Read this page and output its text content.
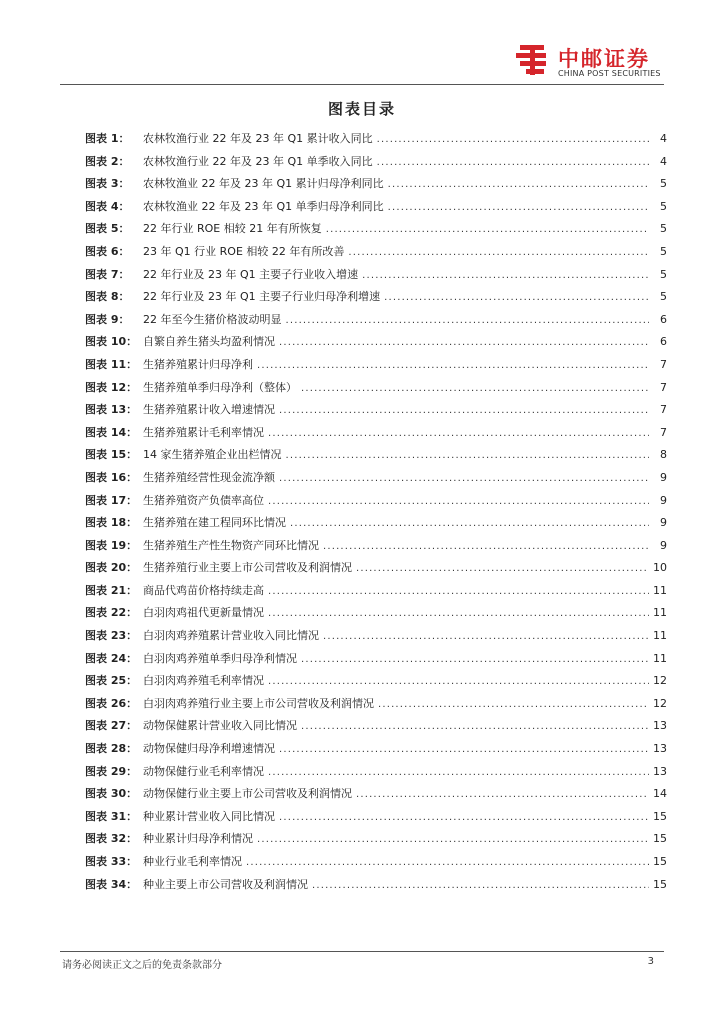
中邮证券
CHINA POST SECURITIES
图表目录
图表 1：	农林牧渔行业 22 年及 23 年 Q1 累计收入同比 . . .	4
图表 2：	农林牧渔行业 22 年及 23 年 Q1 单季收入同比 . . .	4
图表 3：	农林牧渔业 22 年及 23 年 Q1 累计归母净利同比 . . .	5
图表 4：	农林牧渔业 22 年及 23 年 Q1 单季归母净利同比 . . .	5
图表 5：	22 年行业 ROE 相较 21 年有所恢复 . . .	5
图表 6：	23 年 Q1 行业 ROE 相较 22 年有所改善 . . .	5
图表 7：	22 年行业及 23 年 Q1 主要子行业收入增速 . . .	5
图表 8：	22 年行业及 23 年 Q1 主要子行业归母净利增速 . . .	5
图表 9：	22 年至今生猪价格波动明显 . . .	6
图表 10： 自繁自养生猪头均盈利情况 . . .	6
图表 11： 生猪养殖累计归母净利 . . .	7
图表 12： 生猪养殖单季归母净利（整体） . . .	7
图表 13： 生猪养殖累计收入增速情况 . . .	7
图表 14： 生猪养殖累计毛利率情况 . . .	7
图表 15： 14 家生猪养殖企业出栏情况 . . .	8
图表 16： 生猪养殖经营性现金流净额 . . .	9
图表 17： 生猪养殖资产负债率高位 . . .	9
图表 18： 生猪养殖在建工程同环比情况 . . .	9
图表 19： 生猪养殖生产性生物资产同环比情况 . . .	9
图表 20： 生猪养殖行业主要上市公司营收及利润情况 . . .	10
图表 21： 商品代鸡苗价格持续走高 . . .	11
图表 22： 白羽肉鸡祖代更新量情况 . . .	11
图表 23： 白羽肉鸡养殖累计营业收入同比情况 . . .	11
图表 24： 白羽肉鸡养殖单季归母净利情况 . . .	11
图表 25： 白羽肉鸡养殖毛利率情况 . . .	12
图表 26： 白羽肉鸡养殖行业主要上市公司营收及利润情况 . . .	12
图表 27： 动物保健累计营业收入同比情况 . . .	13
图表 28： 动物保健归母净利增速情况 . . .	13
图表 29： 动物保健行业毛利率情况 . . .	13
图表 30： 动物保健行业主要上市公司营收及利润情况 . . .	14
图表 31： 种业累计营业收入同比情况 . . .	15
图表 32： 种业累计归母净利情况 . . .	15
图表 33： 种业行业毛利率情况 . . .	15
图表 34： 种业主要上市公司营收及利润情况 . . .	15
请务必阅读正文之后的免责条款部分	3
